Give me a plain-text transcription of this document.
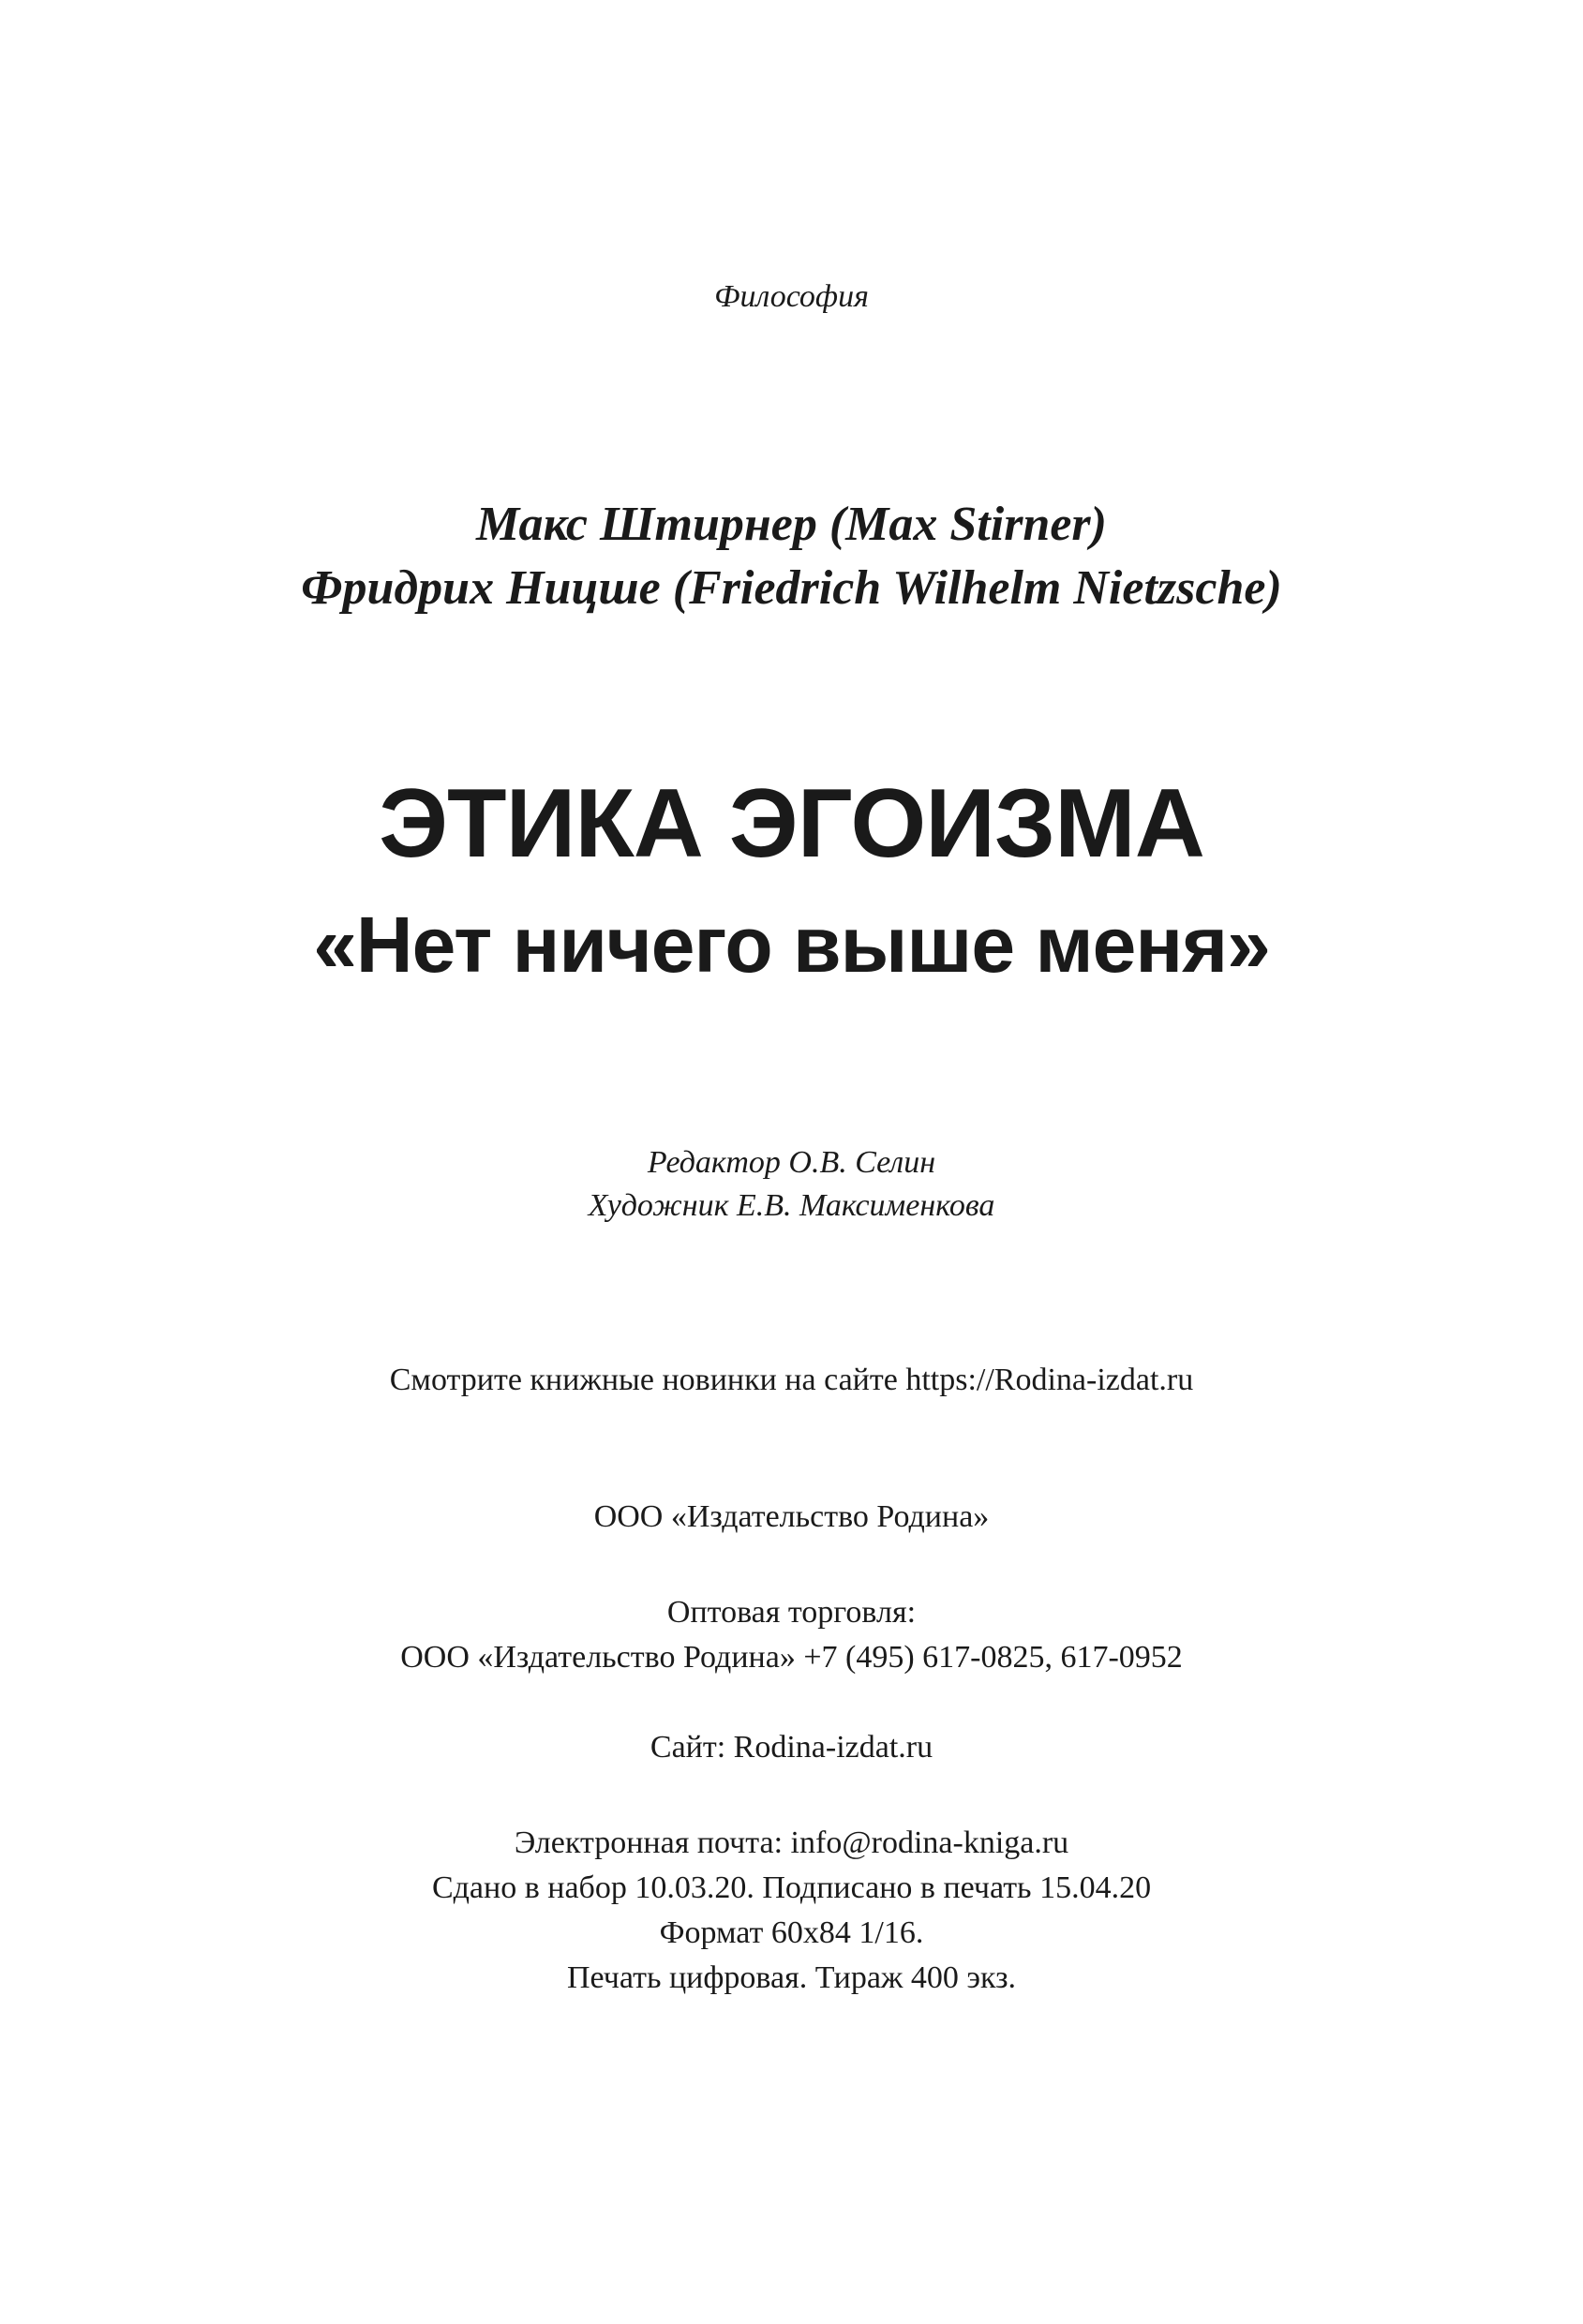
Философия
Макс Штирнер (Max Stirner)
Фридрих Ницше (Friedrich Wilhelm Nietzsche)
ЭТИКА ЭГОИЗМА
«Нет ничего выше меня»
Редактор О.В. Селин
Художник Е.В. Максименкова
Смотрите книжные новинки на сайте https://Rodina-izdat.ru
ООО «Издательство Родина»
Оптовая торговля:
ООО «Издательство Родина» +7 (495) 617-0825, 617-0952
Сайт: Rodina-izdat.ru
Электронная почта: info@rodina-kniga.ru
Сдано в набор 10.03.20. Подписано в печать 15.04.20
Формат 60х84 1/16.
Печать цифровая. Тираж 400 экз.
